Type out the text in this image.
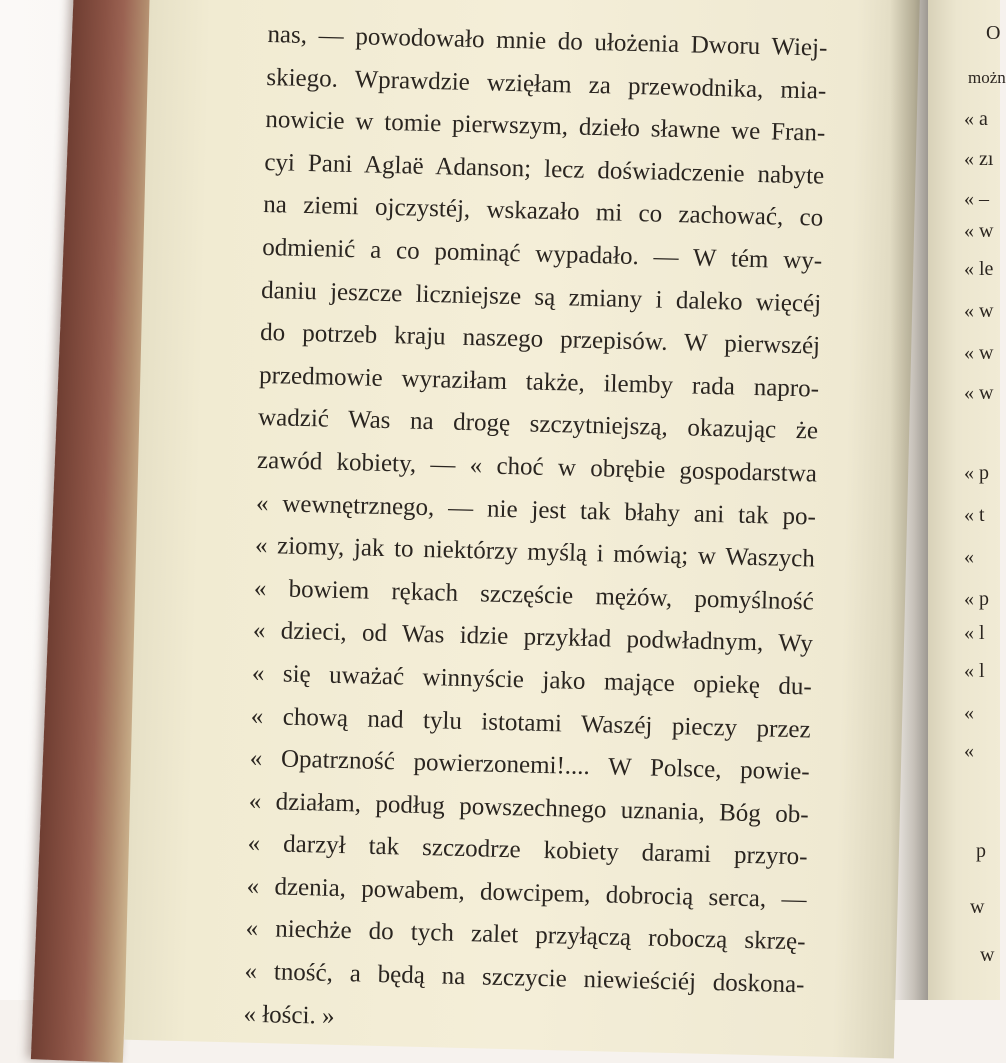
nas, — powodowało mnie do ułożenia Dworu Wiej-
skiego. Wprawdzie wzięłam za przewodnika, mia-
nowicie w tomie pierwszym, dzieło sławne we Fran-
cyi Pani Aglaë Adanson; lecz doświadczenie nabyte
na ziemi ojczystéj, wskazało mi co zachować, co
odmienić a co pominąć wypadało. — W tém wy-
daniu jeszcze liczniejsze są zmiany i daleko więcéj
do potrzeb kraju naszego przepisów. W pierwszéj
przedmowie wyraziłam także, ilemby rada napro-
wadzić Was na drogę szczytniejszą, okazując że
zawód kobiety, — « choć w obrębie gospodarstwa
« wewnętrznego, — nie jest tak błahy ani tak po-
« ziomy, jak to niektórzy myślą i mówią; w Waszych
« bowiem rękach szczęście mężów, pomyślność
« dzieci, od Was idzie przykład podwładnym, Wy
« się uważać winnyście jako mające opiekę du-
« chową nad tylu istotami Waszéj pieczy przez
« Opatrzność powierzonemi!.... W Polsce, powie-
« działam, podług powszechnego uznania, Bóg ob-
« darzył tak szczodrze kobiety darami przyro-
« dzenia, powabem, dowcipem, dobrocią serca, —
« niechże do tych zalet przyłączą roboczą skrzę-
« tność, a będą na szczycie niewieściéj doskona-
« łości. »
O
możn
« a
« zı
« –
« w
« le
« w
« w
« w
« p
« t
«
« p
« l
« l
«
«
p
w
w
